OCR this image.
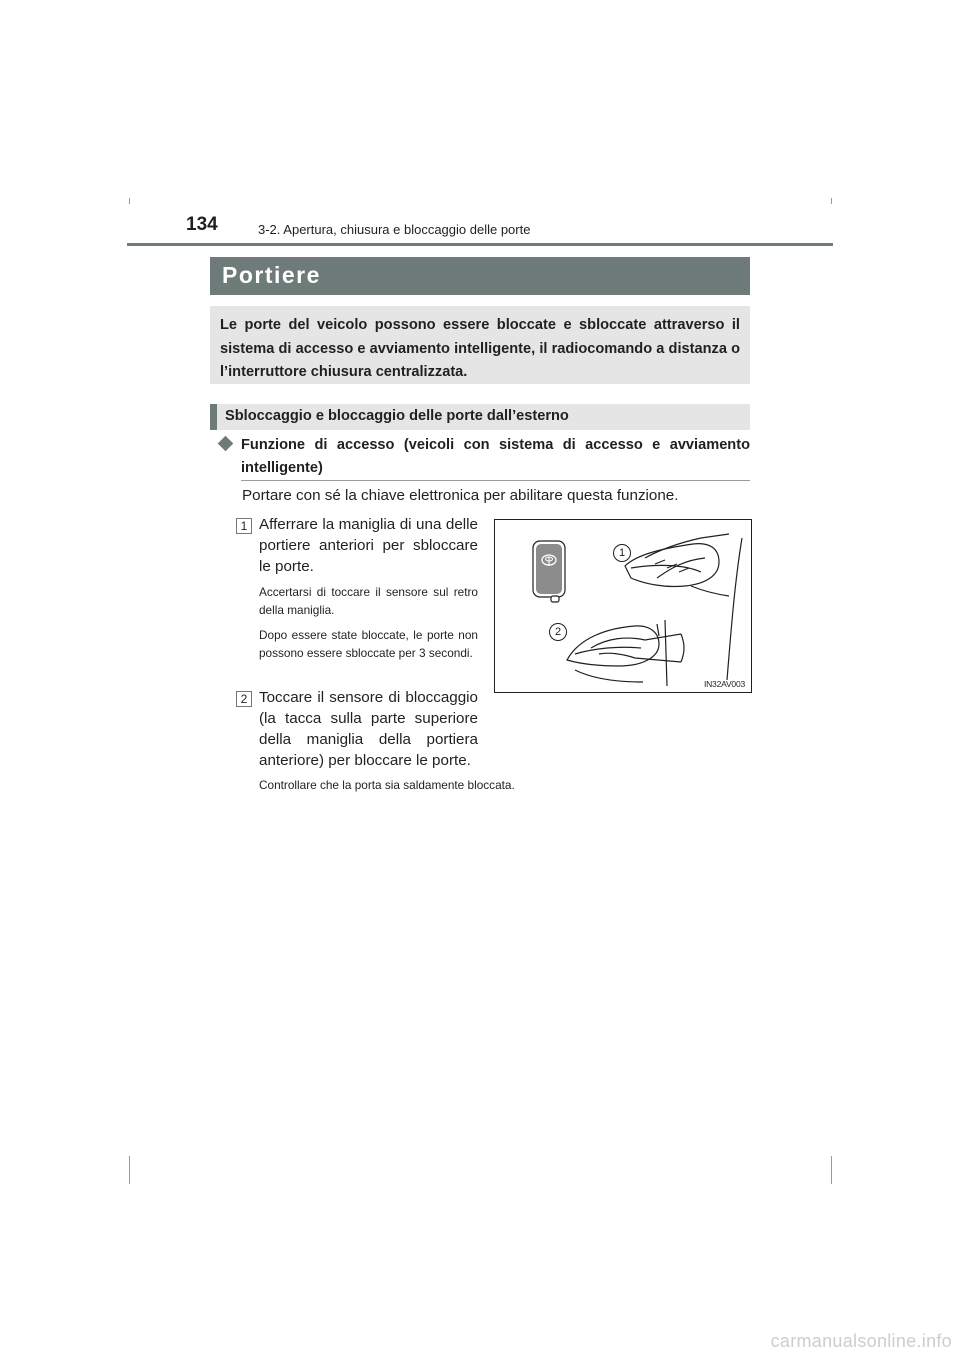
134	3-2. Apertura, chiusura e bloccaggio delle porte
Portiere

Le porte del veicolo possono essere bloccate e sbloccate attraverso il sistema di accesso e avviamento intelligente, il radiocomando a distanza o l’interruttore chiusura centralizzata.

Sbloccaggio e bloccaggio delle porte dall’esterno

Funzione di accesso (veicoli con sistema di accesso e avviamento intelligente)

Portare con sé la chiave elettronica per abilitare questa funzione.
1 Afferrare la maniglia di una delle portiere anteriori per sbloccare le porte.

Accertarsi di toccare il sensore sul retro della maniglia.

Dopo essere state bloccate, le porte non possono essere sbloccate per 3 secondi.

2 Toccare il sensore di bloccaggio (la tacca sulla parte superiore della maniglia della portiera anteriore) per bloccare le porte.

Controllare che la porta sia saldamente bloccata.
1
2
IN32AV003
carmanualsonline.info
